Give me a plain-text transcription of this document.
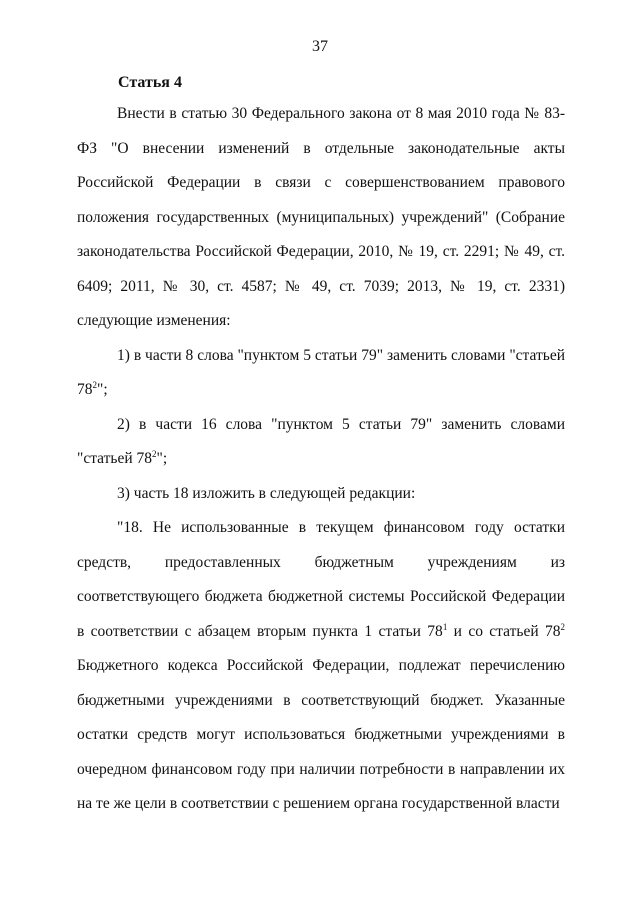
37
Статья 4

Внести в статью 30 Федерального закона от 8 мая 2010 года № 83-ФЗ "О внесении изменений в отдельные законодательные акты Российской Федерации в связи с совершенствованием правового положения государственных (муниципальных) учреждений" (Собрание законодательства Российской Федерации, 2010, № 19, ст. 2291; № 49, ст. 6409; 2011, № 30, ст. 4587; № 49, ст. 7039; 2013, № 19, ст. 2331) следующие изменения:

1) в части 8 слова "пунктом 5 статьи 79" заменить словами "статьей $78^2$";

2) в части 16 слова "пунктом 5 статьи 79" заменить словами "статьей $78^2$";

3) часть 18 изложить в следующей редакции:

"18. Не использованные в текущем финансовом году остатки средств, предоставленных бюджетным учреждениям из соответствующего бюджета бюджетной системы Российской Федерации в соответствии с абзацем вторым пункта 1 статьи $78^1$ и со статьей $78^2$ Бюджетного кодекса Российской Федерации, подлежат перечислению бюджетными учреждениями в соответствующий бюджет. Указанные остатки средств могут использоваться бюджетными учреждениями в очередном финансовом году при наличии потребности в направлении их на те же цели в соответствии с решением органа государственной власти
